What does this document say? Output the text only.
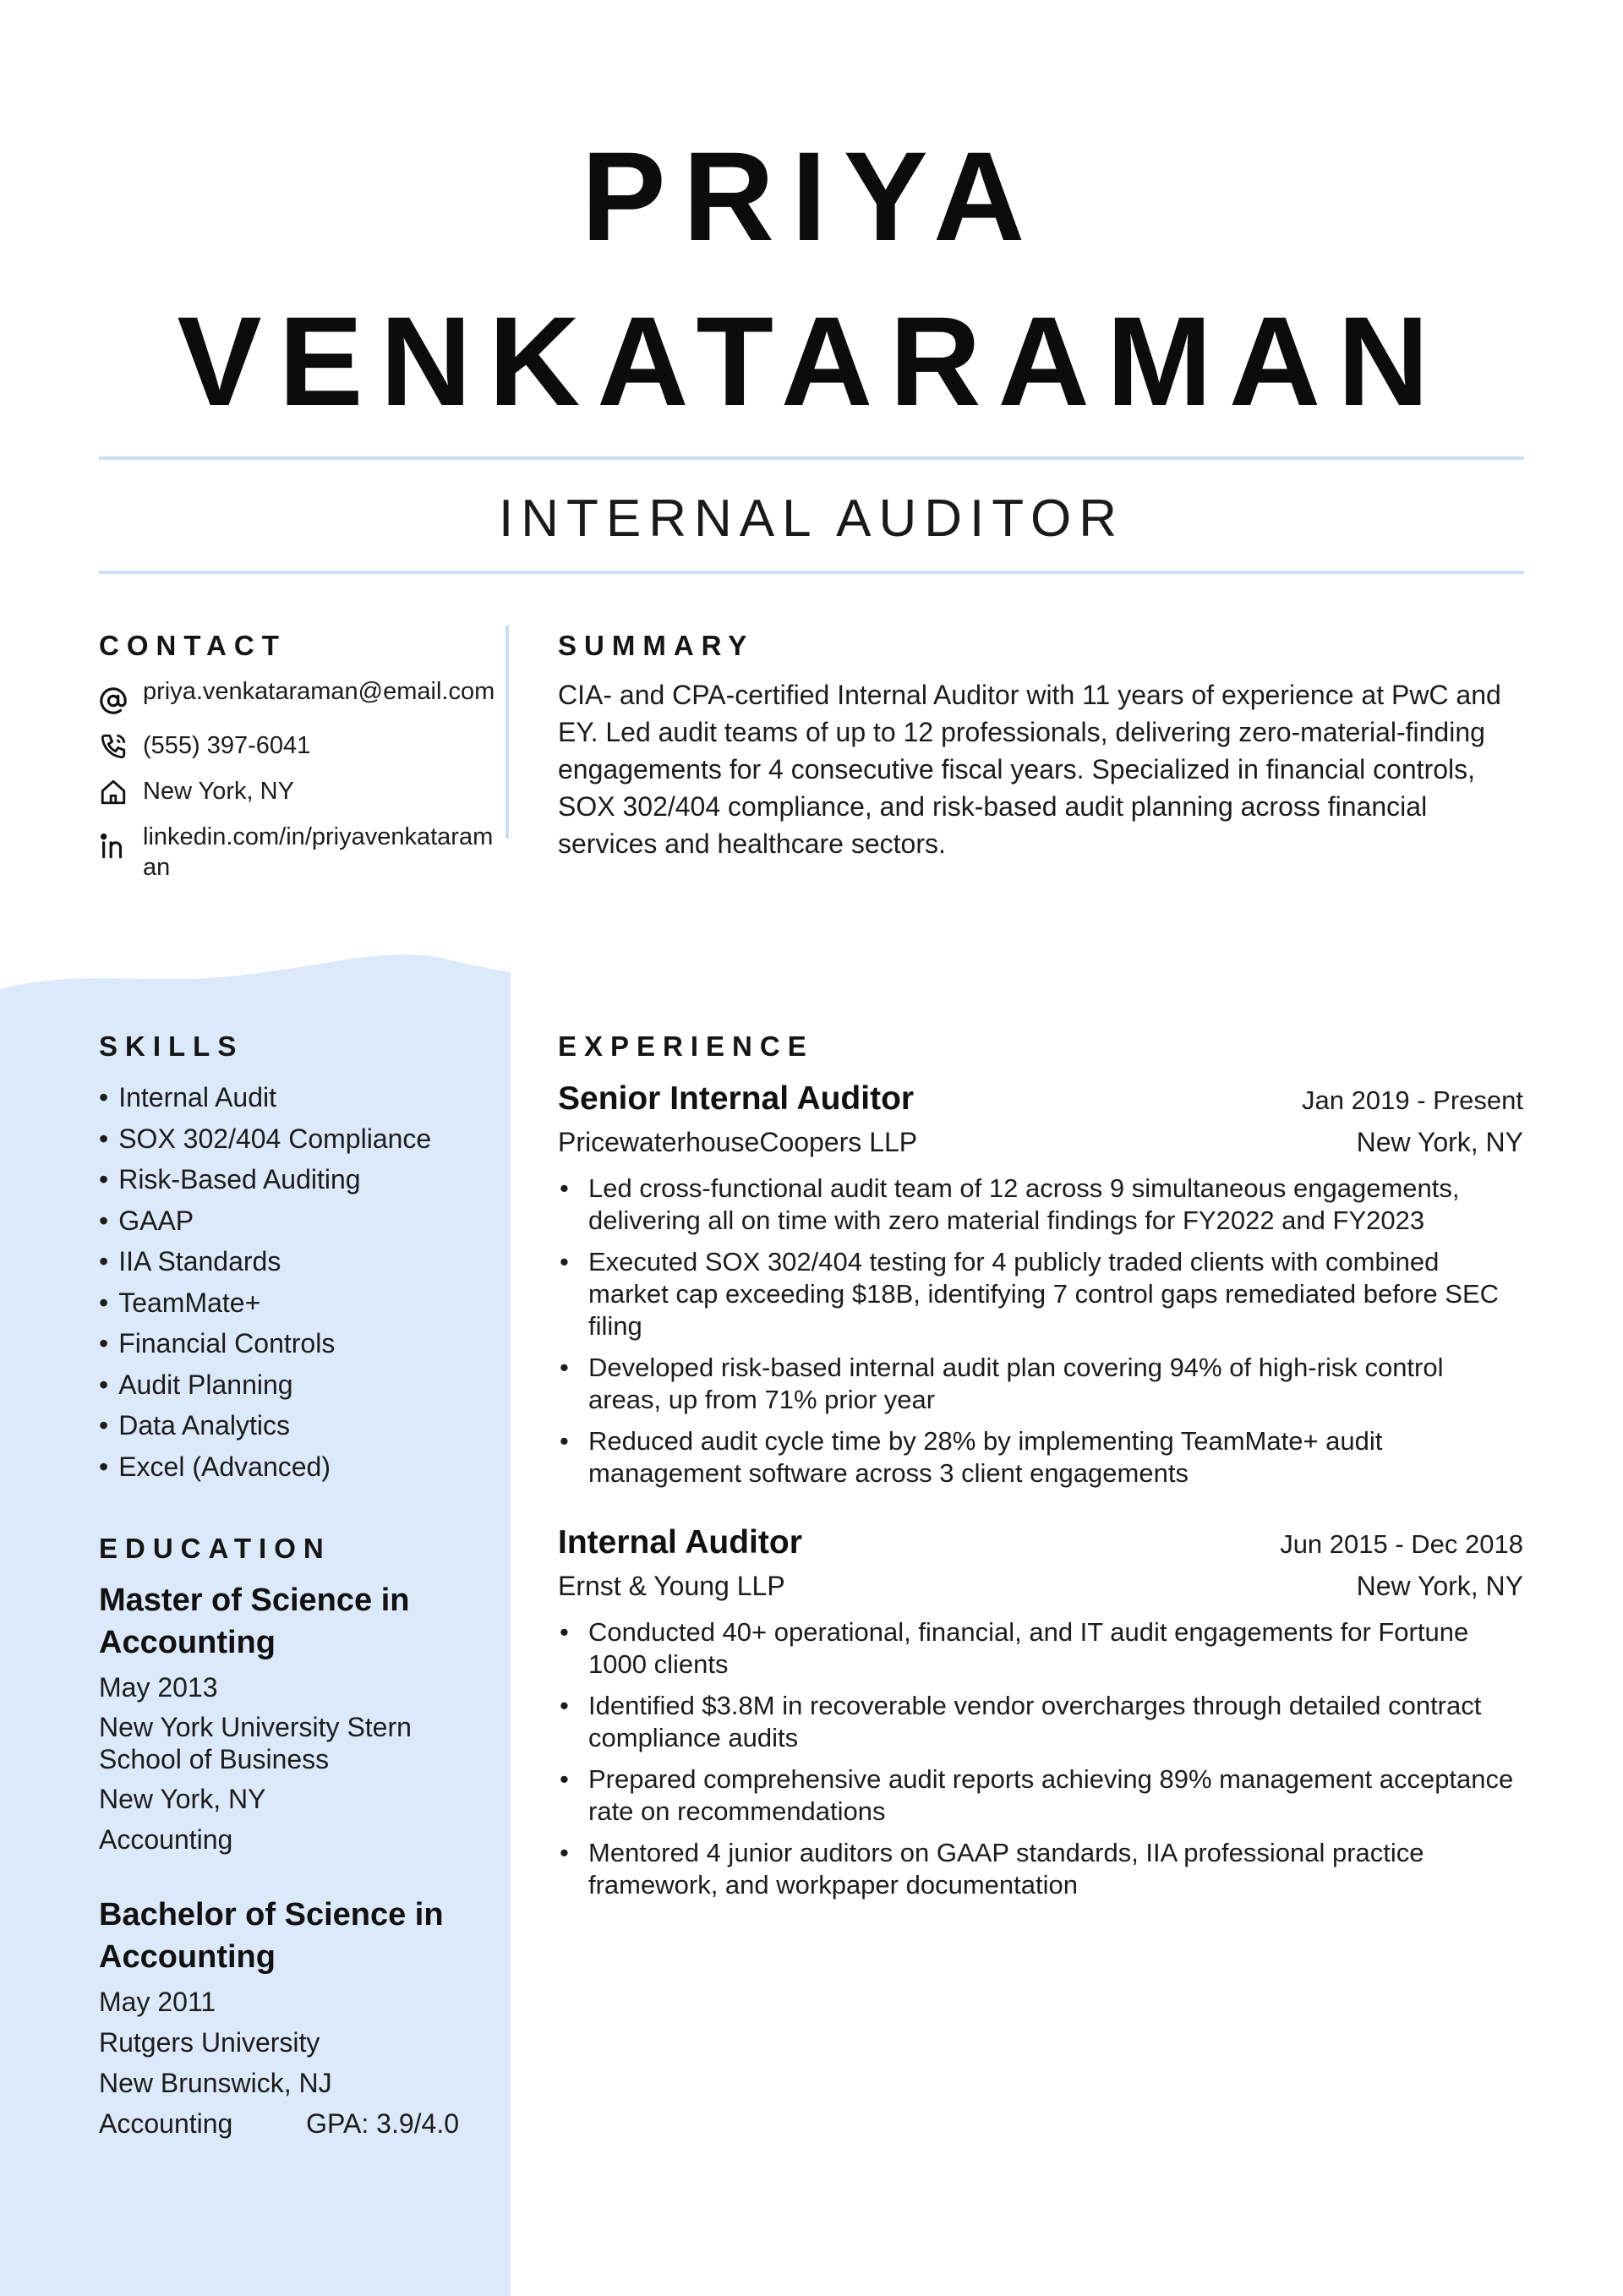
PRIYA
VENKATARAMAN
INTERNAL AUDITOR
CONTACT
priya.venkataraman@email.com
(555) 397-6041
New York, NY
linkedin.com/in/priyavenkataraman
SUMMARY

CIA- and CPA-certified Internal Auditor with 11 years of experience at PwC and EY. Led audit teams of up to 12 professionals, delivering zero-material-finding engagements for 4 consecutive fiscal years. Specialized in financial controls, SOX 302/404 compliance, and risk-based audit planning across financial services and healthcare sectors.

SKILLS
• Internal Audit
• SOX 302/404 Compliance
• Risk-Based Auditing
• GAAP
• IIA Standards
• TeamMate+
• Financial Controls
• Audit Planning
• Data Analytics
• Excel (Advanced)
EDUCATION

Master of Science in Accounting

May 2013

New York University Stern School of Business

New York, NY

Accounting

Bachelor of Science in Accounting

May 2011

Rutgers University

New Brunswick, NJ

Accounting	GPA: 3.9/4.0
EXPERIENCE
Senior Internal Auditor	Jan 2019 - Present
PricewaterhouseCoopers LLP	New York, NY
• Led cross-functional audit team of 12 across 9 simultaneous engagements, delivering all on time with zero material findings for FY2022 and FY2023
• Executed SOX 302/404 testing for 4 publicly traded clients with combined market cap exceeding $18B, identifying 7 control gaps remediated before SEC filing
• Developed risk-based internal audit plan covering 94% of high-risk control areas, up from 71% prior year
• Reduced audit cycle time by 28% by implementing TeamMate+ audit management software across 3 client engagements
Internal Auditor	Jun 2015 - Dec 2018
Ernst & Young LLP	New York, NY
• Conducted 40+ operational, financial, and IT audit engagements for Fortune 1000 clients
• Identified $3.8M in recoverable vendor overcharges through detailed contract compliance audits
• Prepared comprehensive audit reports achieving 89% management acceptance rate on recommendations
• Mentored 4 junior auditors on GAAP standards, IIA professional practice framework, and workpaper documentation
